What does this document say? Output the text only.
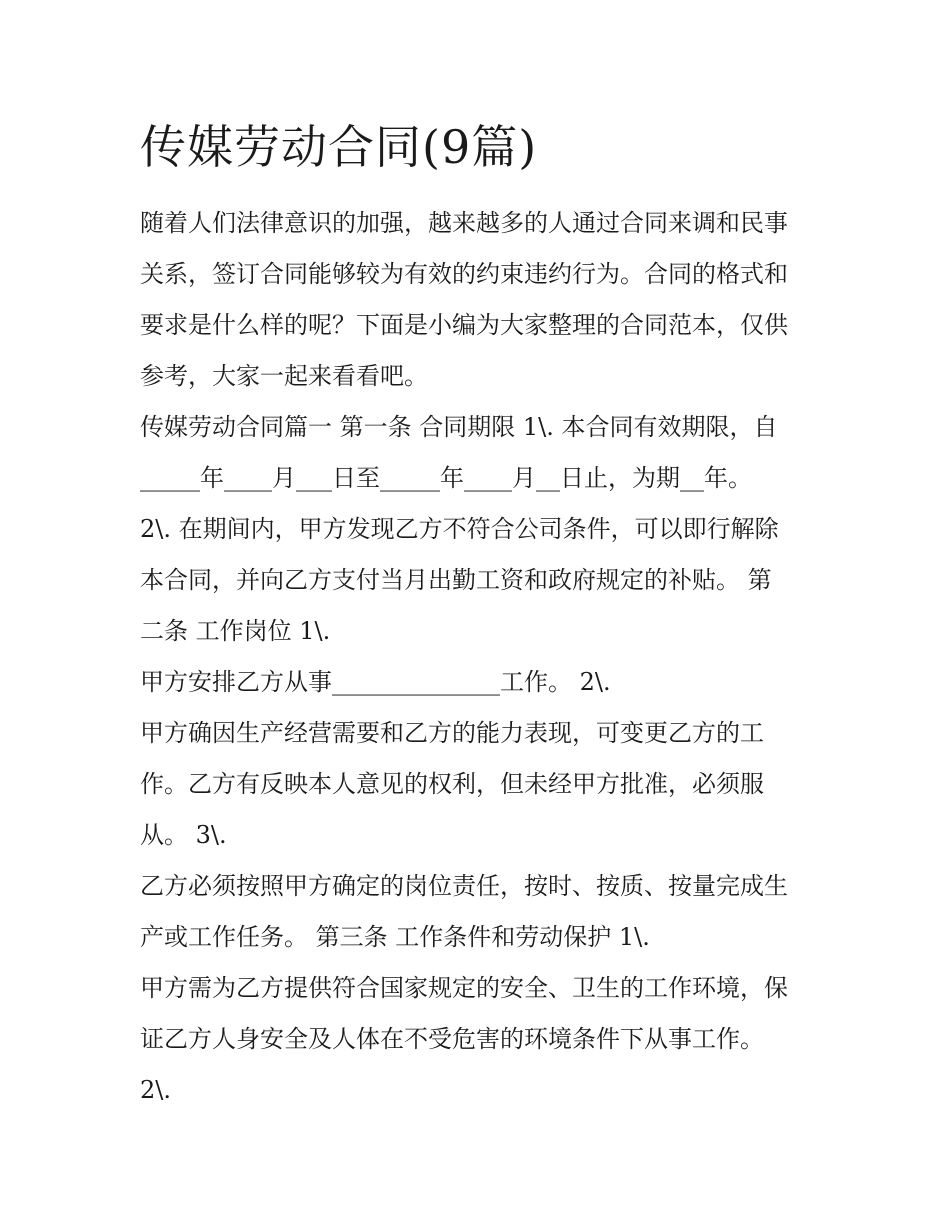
传媒劳动合同(9篇)

随着人们法律意识的加强，越来越多的人通过合同来调和民事

关系，签订合同能够较为有效的约束违约行为。合同的格式和

要求是什么样的呢？下面是小编为大家整理的合同范本，仅供

参考，大家一起来看看吧。

传媒劳动合同篇一 第一条 合同期限 1\. 本合同有效期限，自

_____年____月___日至_____年____月__日止，为期__年。

2\. 在期间内，甲方发现乙方不符合公司条件，可以即行解除

本合同，并向乙方支付当月出勤工资和政府规定的补贴。 第

二条 工作岗位 1\.

甲方安排乙方从事______________工作。 2\.

甲方确因生产经营需要和乙方的能力表现，可变更乙方的工

作。乙方有反映本人意见的权利，但未经甲方批准，必须服

从。 3\.

乙方必须按照甲方确定的岗位责任，按时、按质、按量完成生

产或工作任务。 第三条 工作条件和劳动保护 1\.

甲方需为乙方提供符合国家规定的安全、卫生的工作环境，保

证乙方人身安全及人体在不受危害的环境条件下从事工作。

2\.
